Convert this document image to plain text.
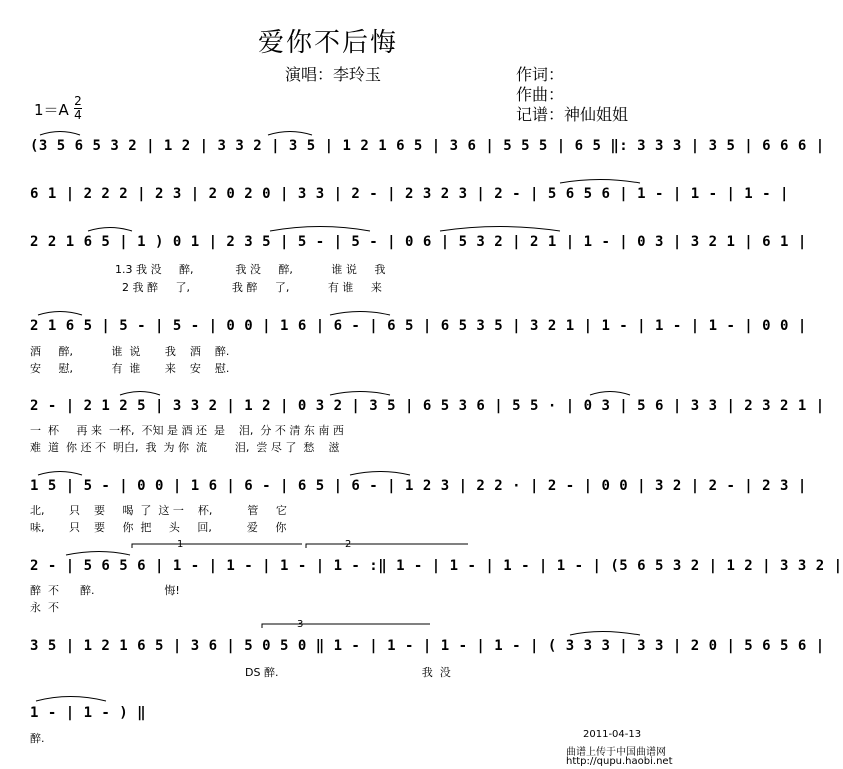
爱你不后悔
演唱：李玲玉	作词：
作曲：
记谱：神仙姐姐
1＝A 2
4
(3 5 6 5 3 2 | 1 2 | 3 3 2 | 3 5 | 1 2 1 6 5 | 3 6 | 5 5 5 | 6 5 ‖: 3 3 3 | 3 5 | 6 6 6 |
6 1 | 2 2 2 | 2 3 | 2 0 2 0 | 3 3 | 2 - | 2 3 2 3 | 2 - | 5 6 5 6 | 1 - | 1 - | 1 - |
2 2 1 6 5 | 1 ) 0 1 | 2 3 5 | 5 - | 5 - | 0 6 | 5 3 2 | 2 1 | 1 - | 0 3 | 3 2 1 | 6 1 |
1.3 我 没     醉,            我 没     醉,           谁 说     我
2 我 醉     了,            我 醉     了,           有 谁     来
2 1 6 5 | 5 - | 5 - | 0 0 | 1 6 | 6 - | 6 5 | 6 5 3 5 | 3 2 1 | 1 - | 1 - | 1 - | 0 0 |
酒     醉,           谁  说       我    酒    醉.
安     慰,           有  谁       来    安    慰.
2 - | 2 1 2 5 | 3 3 2 | 1 2 | 0 3 2 | 3 5 | 6 5 3 6 | 5 5 · | 0 3 | 5 6 | 3 3 | 2 3 2 1 |
一  杯     再 来  一杯,  不知 是 酒 还  是    泪,  分 不 清 东 南 西
难  道  你 还 不  明白,  我  为 你  流        泪,  尝 尽 了  愁    滋
1 5 | 5 - | 0 0 | 1 6 | 6 - | 6 5 | 6 - | 1 2 3 | 2 2 · | 2 - | 0 0 | 3 2 | 2 - | 2 3 |
北,       只    要     喝  了  这 一    杯,          管     它
味,       只    要     你  把     头     回,          爱     你
1	2
2 - | 5 6 5 6 | 1 - | 1 - | 1 - | 1 - :‖ 1 - | 1 - | 1 - | 1 - | (5 6 5 3 2 | 1 2 | 3 3 2 |
醉  不      醉.                    悔!
永  不
3
3 5 | 1 2 1 6 5 | 3 6 | 5 0 5 0 ‖ 1 - | 1 - | 1 - | 1 - | ( 3 3 3 | 3 3 | 2 0 | 5 6 5 6 |
DS 醉.                                         我  没
1 - | 1 - ) ‖
醉.	2011-04-13
曲谱上传于中国曲谱网
http://qupu.haobi.net
